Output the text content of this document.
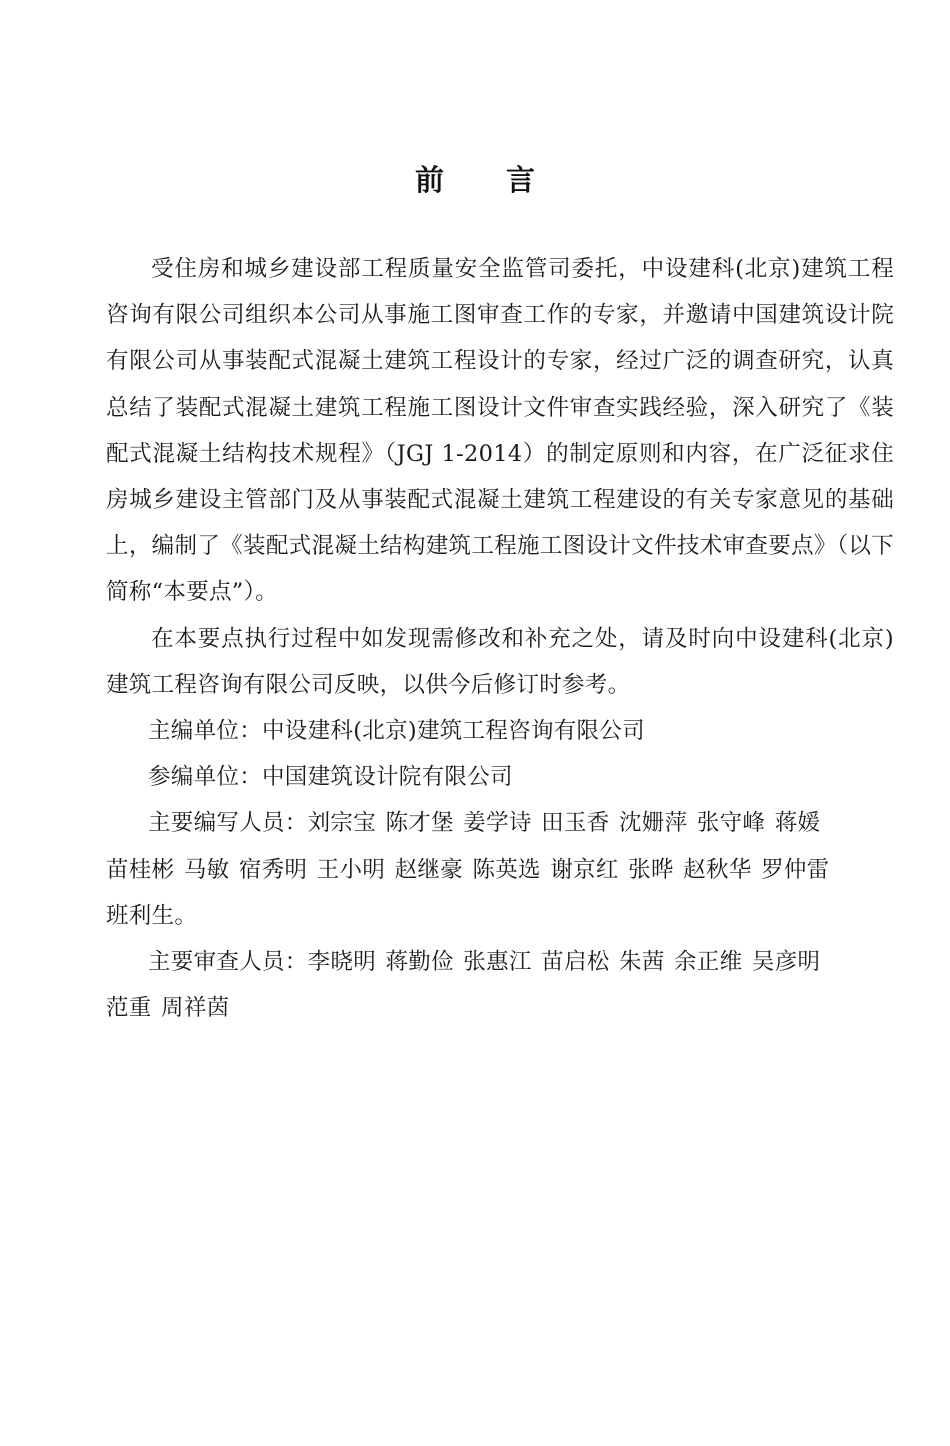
前 言

受住房和城乡建设部工程质量安全监管司委托，中设建科(北京)建筑工程咨询有限公司组织本公司从事施工图审查工作的专家，并邀请中国建筑设计院有限公司从事装配式混凝土建筑工程设计的专家，经过广泛的调查研究，认真总结了装配式混凝土建筑工程施工图设计文件审查实践经验，深入研究了《装配式混凝土结构技术规程》（JGJ 1-2014）的制定原则和内容，在广泛征求住房城乡建设主管部门及从事装配式混凝土建筑工程建设的有关专家意见的基础上，编制了《装配式混凝土结构建筑工程施工图设计文件技术审查要点》（以下简称“本要点”）。

在本要点执行过程中如发现需修改和补充之处，请及时向中设建科(北京)建筑工程咨询有限公司反映，以供今后修订时参考。

主编单位：中设建科(北京)建筑工程咨询有限公司

参编单位：中国建筑设计院有限公司

主要编写人员：刘宗宝 陈才堡 姜学诗 田玉香 沈姗萍 张守峰 蒋媛

苗桂彬 马敏 宿秀明 王小明 赵继豪 陈英选 谢京红 张晔 赵秋华 罗仲雷

班利生。

主要审查人员：李晓明 蒋勤俭 张惠江 苗启松 朱茜 余正维 吴彦明

范重 周祥茵
